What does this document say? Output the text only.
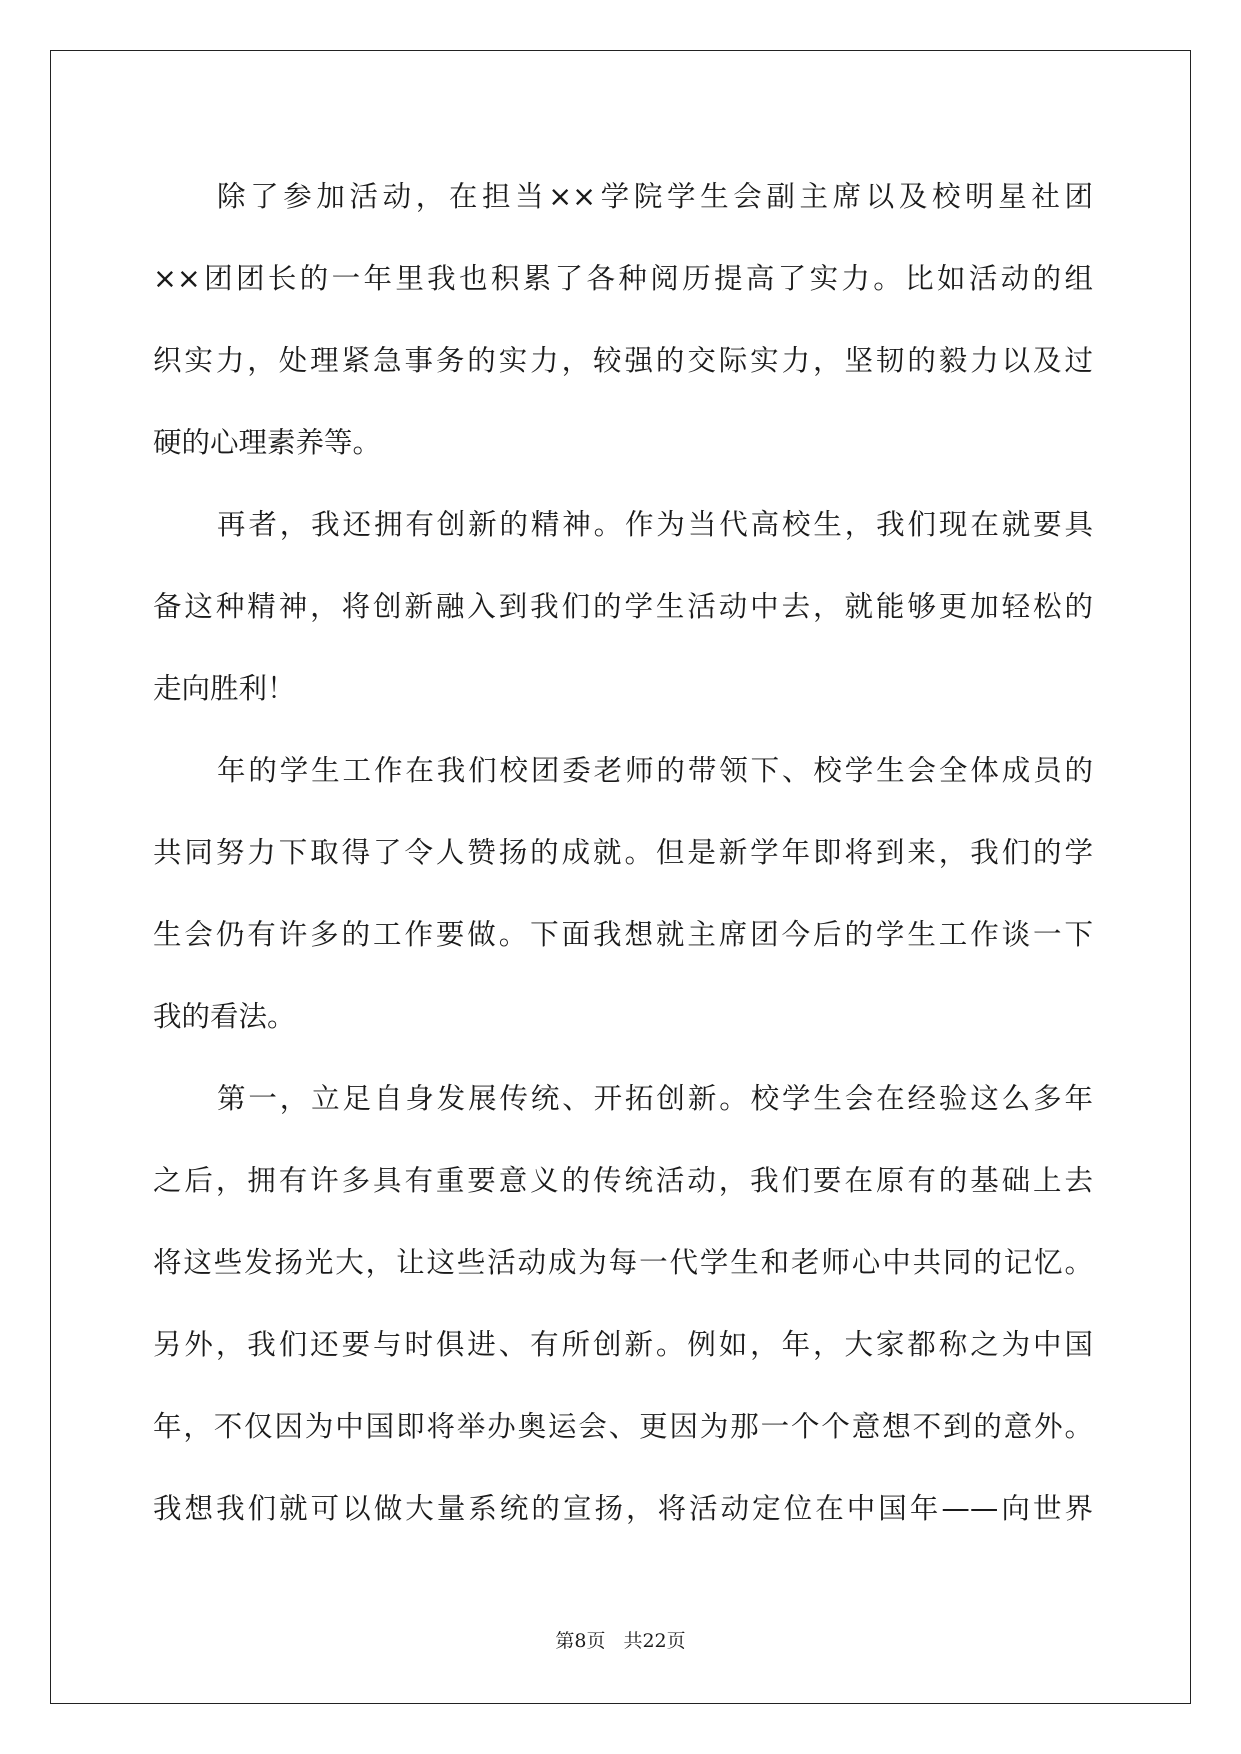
除了参加活动，在担当××学院学生会副主席以及校明星社团
××团团长的一年里我也积累了各种阅历提高了实力。比如活动的组
织实力，处理紧急事务的实力，较强的交际实力，坚韧的毅力以及过
硬的心理素养等。
再者，我还拥有创新的精神。作为当代高校生，我们现在就要具
备这种精神，将创新融入到我们的学生活动中去，就能够更加轻松的
走向胜利！
年的学生工作在我们校团委老师的带领下、校学生会全体成员的
共同努力下取得了令人赞扬的成就。但是新学年即将到来，我们的学
生会仍有许多的工作要做。下面我想就主席团今后的学生工作谈一下
我的看法。
第一，立足自身发展传统、开拓创新。校学生会在经验这么多年
之后，拥有许多具有重要意义的传统活动，我们要在原有的基础上去
将这些发扬光大，让这些活动成为每一代学生和老师心中共同的记忆。
另外，我们还要与时俱进、有所创新。例如，年，大家都称之为中国
年，不仅因为中国即将举办奥运会、更因为那一个个意想不到的意外。
我想我们就可以做大量系统的宣扬，将活动定位在中国年——向世界
第8页 共22页
